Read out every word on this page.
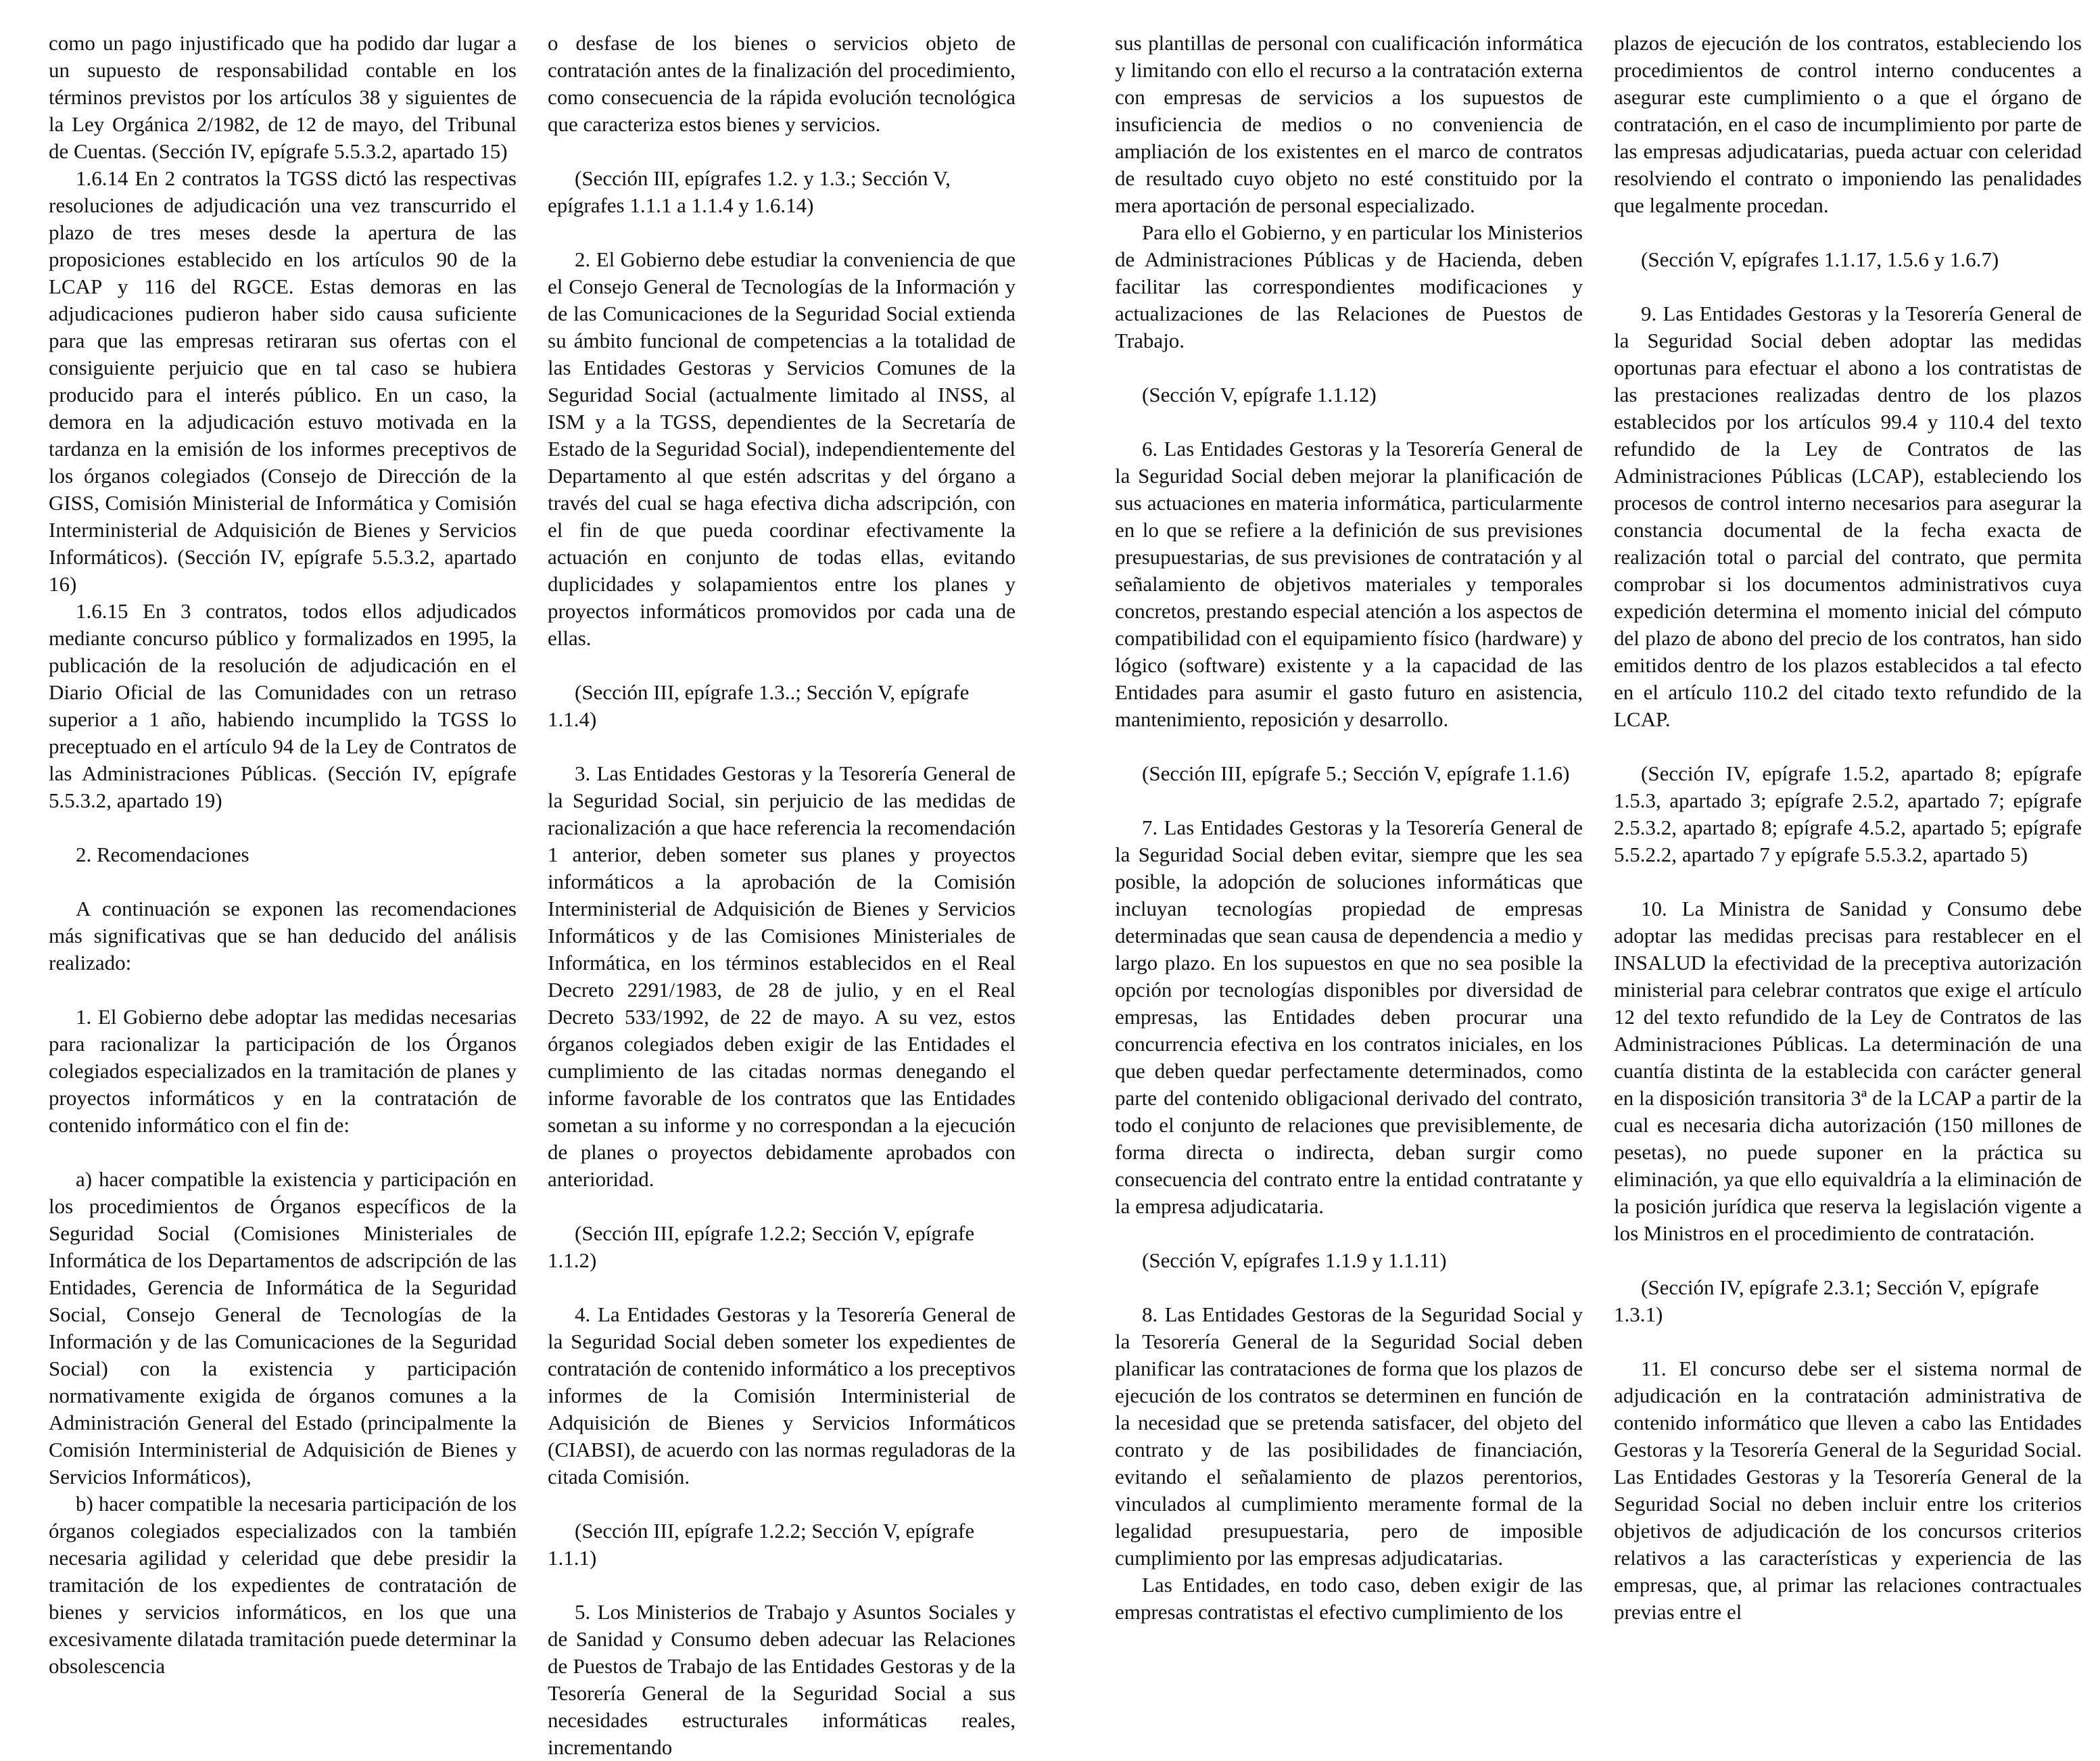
como un pago injustificado que ha podido dar lugar a un supuesto de responsabilidad contable en los términos previstos por los artículos 38 y siguientes de la Ley Orgánica 2/1982, de 12 de mayo, del Tribunal de Cuentas. (Sección IV, epígrafe 5.5.3.2, apartado 15)

1.6.14 En 2 contratos la TGSS dictó las respectivas resoluciones de adjudicación una vez transcurrido el plazo de tres meses desde la apertura de las proposiciones establecido en los artículos 90 de la LCAP y 116 del RGCE. Estas demoras en las adjudicaciones pudieron haber sido causa suficiente para que las empresas retiraran sus ofertas con el consiguiente perjuicio que en tal caso se hubiera producido para el interés público. En un caso, la demora en la adjudicación estuvo motivada en la tardanza en la emisión de los informes preceptivos de los órganos colegiados (Consejo de Dirección de la GISS, Comisión Ministerial de Informática y Comisión Interministerial de Adquisición de Bienes y Servicios Informáticos). (Sección IV, epígrafe 5.5.3.2, apartado 16)

1.6.15 En 3 contratos, todos ellos adjudicados mediante concurso público y formalizados en 1995, la publicación de la resolución de adjudicación en el Diario Oficial de las Comunidades con un retraso superior a 1 año, habiendo incumplido la TGSS lo preceptuado en el artículo 94 de la Ley de Contratos de las Administraciones Públicas. (Sección IV, epígrafe 5.5.3.2, apartado 19)

2. Recomendaciones

A continuación se exponen las recomendaciones más significativas que se han deducido del análisis realizado:

1. El Gobierno debe adoptar las medidas necesarias para racionalizar la participación de los Órganos colegiados especializados en la tramitación de planes y proyectos informáticos y en la contratación de contenido informático con el fin de:

a) hacer compatible la existencia y participación en los procedimientos de Órganos específicos de la Seguridad Social (Comisiones Ministeriales de Informática de los Departamentos de adscripción de las Entidades, Gerencia de Informática de la Seguridad Social, Consejo General de Tecnologías de la Información y de las Comunicaciones de la Seguridad Social) con la existencia y participación normativamente exigida de órganos comunes a la Administración General del Estado (principalmente la Comisión Interministerial de Adquisición de Bienes y Servicios Informáticos),

b) hacer compatible la necesaria participación de los órganos colegiados especializados con la también necesaria agilidad y celeridad que debe presidir la tramitación de los expedientes de contratación de bienes y servicios informáticos, en los que una excesivamente dilatada tramitación puede determinar la obsolescencia

o desfase de los bienes o servicios objeto de contratación antes de la finalización del procedimiento, como consecuencia de la rápida evolución tecnológica que caracteriza estos bienes y servicios.

(Sección III, epígrafes 1.2. y 1.3.; Sección V, epígrafes 1.1.1 a 1.1.4 y 1.6.14)

2. El Gobierno debe estudiar la conveniencia de que el Consejo General de Tecnologías de la Información y de las Comunicaciones de la Seguridad Social extienda su ámbito funcional de competencias a la totalidad de las Entidades Gestoras y Servicios Comunes de la Seguridad Social (actualmente limitado al INSS, al ISM y a la TGSS, dependientes de la Secretaría de Estado de la Seguridad Social), independientemente del Departamento al que estén adscritas y del órgano a través del cual se haga efectiva dicha adscripción, con el fin de que pueda coordinar efectivamente la actuación en conjunto de todas ellas, evitando duplicidades y solapamientos entre los planes y proyectos informáticos promovidos por cada una de ellas.

(Sección III, epígrafe 1.3..; Sección V, epígrafe 1.1.4)

3. Las Entidades Gestoras y la Tesorería General de la Seguridad Social, sin perjuicio de las medidas de racionalización a que hace referencia la recomendación 1 anterior, deben someter sus planes y proyectos informáticos a la aprobación de la Comisión Interministerial de Adquisición de Bienes y Servicios Informáticos y de las Comisiones Ministeriales de Informática, en los términos establecidos en el Real Decreto 2291/1983, de 28 de julio, y en el Real Decreto 533/1992, de 22 de mayo. A su vez, estos órganos colegiados deben exigir de las Entidades el cumplimiento de las citadas normas denegando el informe favorable de los contratos que las Entidades sometan a su informe y no correspondan a la ejecución de planes o proyectos debidamente aprobados con anterioridad.

(Sección III, epígrafe 1.2.2; Sección V, epígrafe 1.1.2)

4. La Entidades Gestoras y la Tesorería General de la Seguridad Social deben someter los expedientes de contratación de contenido informático a los preceptivos informes de la Comisión Interministerial de Adquisición de Bienes y Servicios Informáticos (CIABSI), de acuerdo con las normas reguladoras de la citada Comisión.

(Sección III, epígrafe 1.2.2; Sección V, epígrafe 1.1.1)

5. Los Ministerios de Trabajo y Asuntos Sociales y de Sanidad y Consumo deben adecuar las Relaciones de Puestos de Trabajo de las Entidades Gestoras y de la Tesorería General de la Seguridad Social a sus necesidades estructurales informáticas reales, incrementando

sus plantillas de personal con cualificación informática y limitando con ello el recurso a la contratación externa con empresas de servicios a los supuestos de insuficiencia de medios o no conveniencia de ampliación de los existentes en el marco de contratos de resultado cuyo objeto no esté constituido por la mera aportación de personal especializado.

Para ello el Gobierno, y en particular los Ministerios de Administraciones Públicas y de Hacienda, deben facilitar las correspondientes modificaciones y actualizaciones de las Relaciones de Puestos de Trabajo.

(Sección V, epígrafe 1.1.12)

6. Las Entidades Gestoras y la Tesorería General de la Seguridad Social deben mejorar la planificación de sus actuaciones en materia informática, particularmente en lo que se refiere a la definición de sus previsiones presupuestarias, de sus previsiones de contratación y al señalamiento de objetivos materiales y temporales concretos, prestando especial atención a los aspectos de compatibilidad con el equipamiento físico (hardware) y lógico (software) existente y a la capacidad de las Entidades para asumir el gasto futuro en asistencia, mantenimiento, reposición y desarrollo.

(Sección III, epígrafe 5.; Sección V, epígrafe 1.1.6)

7. Las Entidades Gestoras y la Tesorería General de la Seguridad Social deben evitar, siempre que les sea posible, la adopción de soluciones informáticas que incluyan tecnologías propiedad de empresas determinadas que sean causa de dependencia a medio y largo plazo. En los supuestos en que no sea posible la opción por tecnologías disponibles por diversidad de empresas, las Entidades deben procurar una concurrencia efectiva en los contratos iniciales, en los que deben quedar perfectamente determinados, como parte del contenido obligacional derivado del contrato, todo el conjunto de relaciones que previsiblemente, de forma directa o indirecta, deban surgir como consecuencia del contrato entre la entidad contratante y la empresa adjudicataria.

(Sección V, epígrafes 1.1.9 y 1.1.11)

8. Las Entidades Gestoras de la Seguridad Social y la Tesorería General de la Seguridad Social deben planificar las contrataciones de forma que los plazos de ejecución de los contratos se determinen en función de la necesidad que se pretenda satisfacer, del objeto del contrato y de las posibilidades de financiación, evitando el señalamiento de plazos perentorios, vinculados al cumplimiento meramente formal de la legalidad presupuestaria, pero de imposible cumplimiento por las empresas adjudicatarias.

Las Entidades, en todo caso, deben exigir de las empresas contratistas el efectivo cumplimiento de los

plazos de ejecución de los contratos, estableciendo los procedimientos de control interno conducentes a asegurar este cumplimiento o a que el órgano de contratación, en el caso de incumplimiento por parte de las empresas adjudicatarias, pueda actuar con celeridad resolviendo el contrato o imponiendo las penalidades que legalmente procedan.

(Sección V, epígrafes 1.1.17, 1.5.6 y 1.6.7)

9. Las Entidades Gestoras y la Tesorería General de la Seguridad Social deben adoptar las medidas oportunas para efectuar el abono a los contratistas de las prestaciones realizadas dentro de los plazos establecidos por los artículos 99.4 y 110.4 del texto refundido de la Ley de Contratos de las Administraciones Públicas (LCAP), estableciendo los procesos de control interno necesarios para asegurar la constancia documental de la fecha exacta de realización total o parcial del contrato, que permita comprobar si los documentos administrativos cuya expedición determina el momento inicial del cómputo del plazo de abono del precio de los contratos, han sido emitidos dentro de los plazos establecidos a tal efecto en el artículo 110.2 del citado texto refundido de la LCAP.

(Sección IV, epígrafe 1.5.2, apartado 8; epígrafe 1.5.3, apartado 3; epígrafe 2.5.2, apartado 7; epígrafe 2.5.3.2, apartado 8; epígrafe 4.5.2, apartado 5; epígrafe 5.5.2.2, apartado 7 y epígrafe 5.5.3.2, apartado 5)

10. La Ministra de Sanidad y Consumo debe adoptar las medidas precisas para restablecer en el INSALUD la efectividad de la preceptiva autorización ministerial para celebrar contratos que exige el artículo 12 del texto refundido de la Ley de Contratos de las Administraciones Públicas. La determinación de una cuantía distinta de la establecida con carácter general en la disposición transitoria 3ª de la LCAP a partir de la cual es necesaria dicha autorización (150 millones de pesetas), no puede suponer en la práctica su eliminación, ya que ello equivaldría a la eliminación de la posición jurídica que reserva la legislación vigente a los Ministros en el procedimiento de contratación.

(Sección IV, epígrafe 2.3.1; Sección V, epígrafe 1.3.1)

11. El concurso debe ser el sistema normal de adjudicación en la contratación administrativa de contenido informático que lleven a cabo las Entidades Gestoras y la Tesorería General de la Seguridad Social. Las Entidades Gestoras y la Tesorería General de la Seguridad Social no deben incluir entre los criterios objetivos de adjudicación de los concursos criterios relativos a las características y experiencia de las empresas, que, al primar las relaciones contractuales previas entre el
